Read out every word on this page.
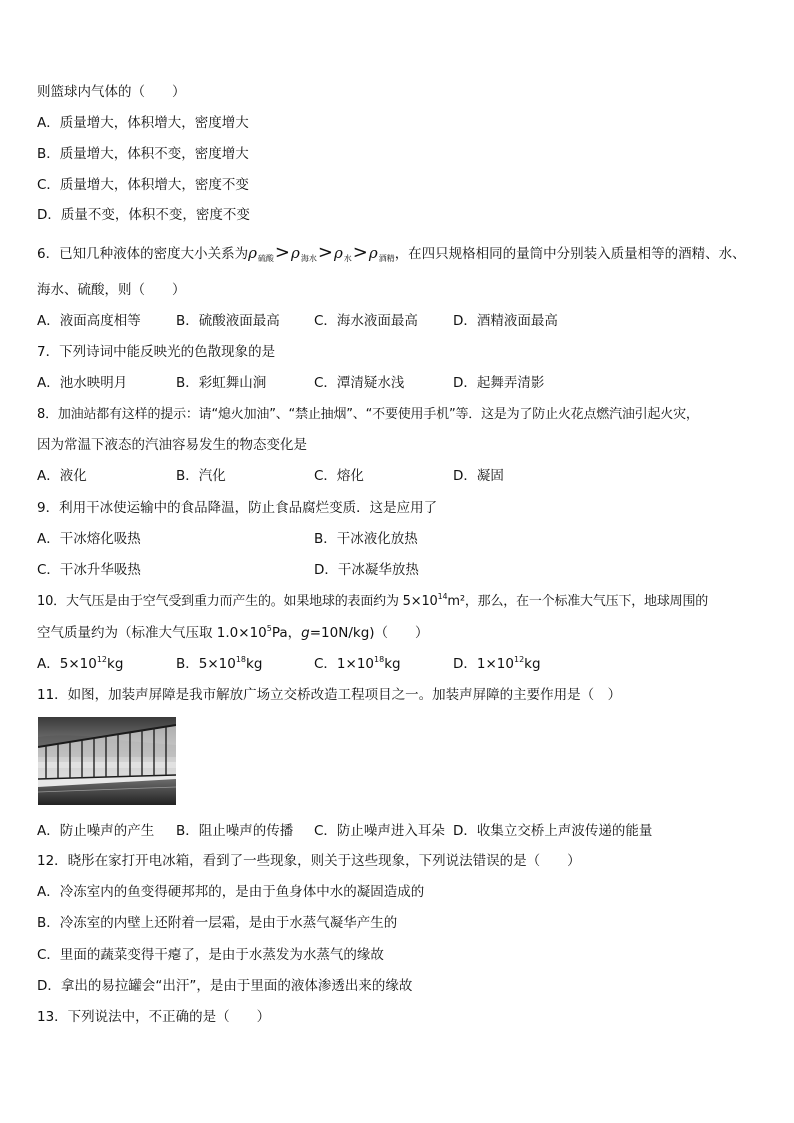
则篮球内气体的（　　）
A．质量增大，体积增大，密度增大
B．质量增大，体积不变，密度增大
C．质量增大，体积增大，密度不变
D．质量不变，体积不变，密度不变
6．已知几种液体的密度大小关系为$\rho_{硫酸}>\rho_{海水}>\rho_水>\rho_{酒精}$，在四只规格相同的量筒中分别装入质量相等的酒精、水、
海水、硫酸，则（　　）
A．液面高度相等	B．硫酸液面最高	C．海水液面最高	D．酒精液面最高
7．下列诗词中能反映光的色散现象的是
A．池水映明月	B．彩虹舞山涧	C．潭清疑水浅	D．起舞弄清影
8．加油站都有这样的提示：请“熄火加油”、“禁止抽烟”、“不要使用手机”等．这是为了防止火花点燃汽油引起火灾，
因为常温下液态的汽油容易发生的物态变化是
A．液化	B．汽化	C．熔化	D．凝固
9．利用干冰使运输中的食品降温，防止食品腐烂变质．这是应用了
A．干冰熔化吸热	B．干冰液化放热
C．干冰升华吸热	D．干冰凝华放热
10．大气压是由于空气受到重力而产生的。如果地球的表面约为 $5\times 10^{14}m^2$，那么，在一个标准大气压下，地球周围的
空气质量约为（标准大气压取 $1.0\times 10^5Pa$，g=10N/kg)（　　）
A．$5\times 10^{12}kg$	B．$5\times 10^{18}kg$	C．$1\times 10^{18}kg$	D．$1\times 10^{12}kg$
11．如图，加装声屏障是我市解放广场立交桥改造工程项目之一。加装声屏障的主要作用是（　）
A．防止噪声的产生 B．阻止噪声的传播 C．防止噪声进入耳朵 D．收集立交桥上声波传递的能量
12．晓彤在家打开电冰箱，看到了一些现象，则关于这些现象，下列说法错误的是（　　）
A．冷冻室内的鱼变得硬邦邦的，是由于鱼身体中水的凝固造成的
B．冷冻室的内壁上还附着一层霜，是由于水蒸气凝华产生的
C．里面的蔬菜变得干瘪了，是由于水蒸发为水蒸气的缘故
D．拿出的易拉罐会“出汗”，是由于里面的液体渗透出来的缘故
13．下列说法中，不正确的是（　　）
